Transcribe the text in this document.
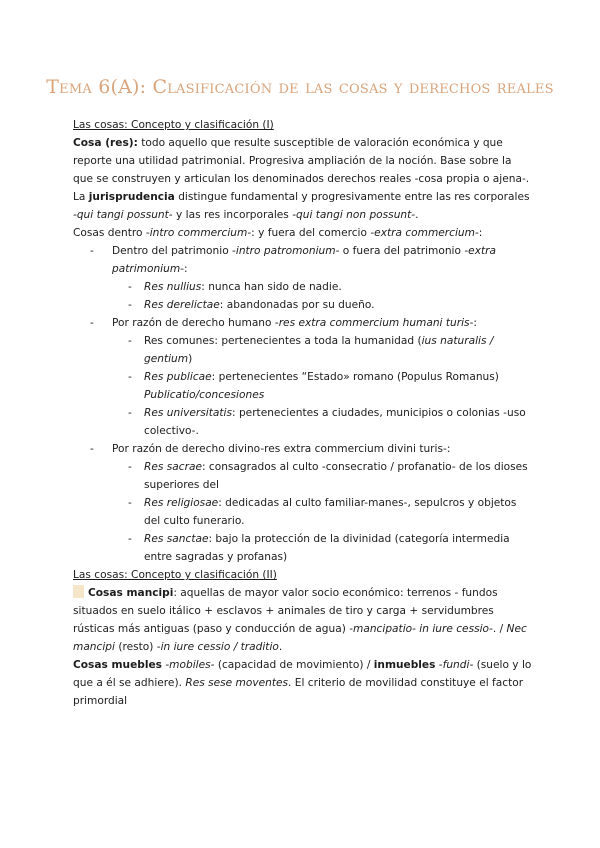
Tema 6(A): Clasificación de las cosas y derechos reales

Las cosas: Concepto y clasificación (I)

Cosa (res): todo aquello que resulte susceptible de valoración económica y que reporte una utilidad patrimonial. Progresiva ampliación de la noción. Base sobre la que se construyen y articulan los denominados derechos reales -cosa propia o ajena-.

La jurisprudencia distingue fundamental y progresivamente entre las res corporales -qui tangi possunt- y las res incorporales -qui tangi non possunt-.

Cosas dentro -intro commercium-: y fuera del comercio -extra commercium-:

- Dentro del patrimonio -intro patromonium- o fuera del patrimonio -extra patrimonium-:

- Res nullius: nunca han sido de nadie.

- Res derelictae: abandonadas por su dueño.

- Por razón de derecho humano -res extra commercium humani turis-:

- Res comunes: pertenecientes a toda la humanidad (ius naturalis / gentium)

- Res publicae: pertenecientes “Estado» romano (Populus Romanus) Publicatio/concesiones

- Res universitatis: pertenecientes a ciudades, municipios o colonias -uso colectivo-.

- Por razón de derecho divino-res extra commercium divini turis-:

- Res sacrae: consagrados al culto -consecratio / profanatio- de los dioses superiores del

- Res religiosae: dedicadas al culto familiar-manes-, sepulcros y objetos del culto funerario.

- Res sanctae: bajo la protección de la divinidad (categoría intermedia entre sagradas y profanas)

Las cosas: Concepto y clasificación (II)

Cosas mancipi: aquellas de mayor valor socio económico: terrenos - fundos situados en suelo itálico + esclavos + animales de tiro y carga + servidumbres rústicas más antiguas (paso y conducción de agua) -mancipatio- in iure cessio-. / Nec mancipi (resto) -in iure cessio / traditio.

Cosas muebles -mobiles- (capacidad de movimiento) / inmuebles -fundi- (suelo y lo que a él se adhiere). Res sese moventes. El criterio de movilidad constituye el factor primordial
